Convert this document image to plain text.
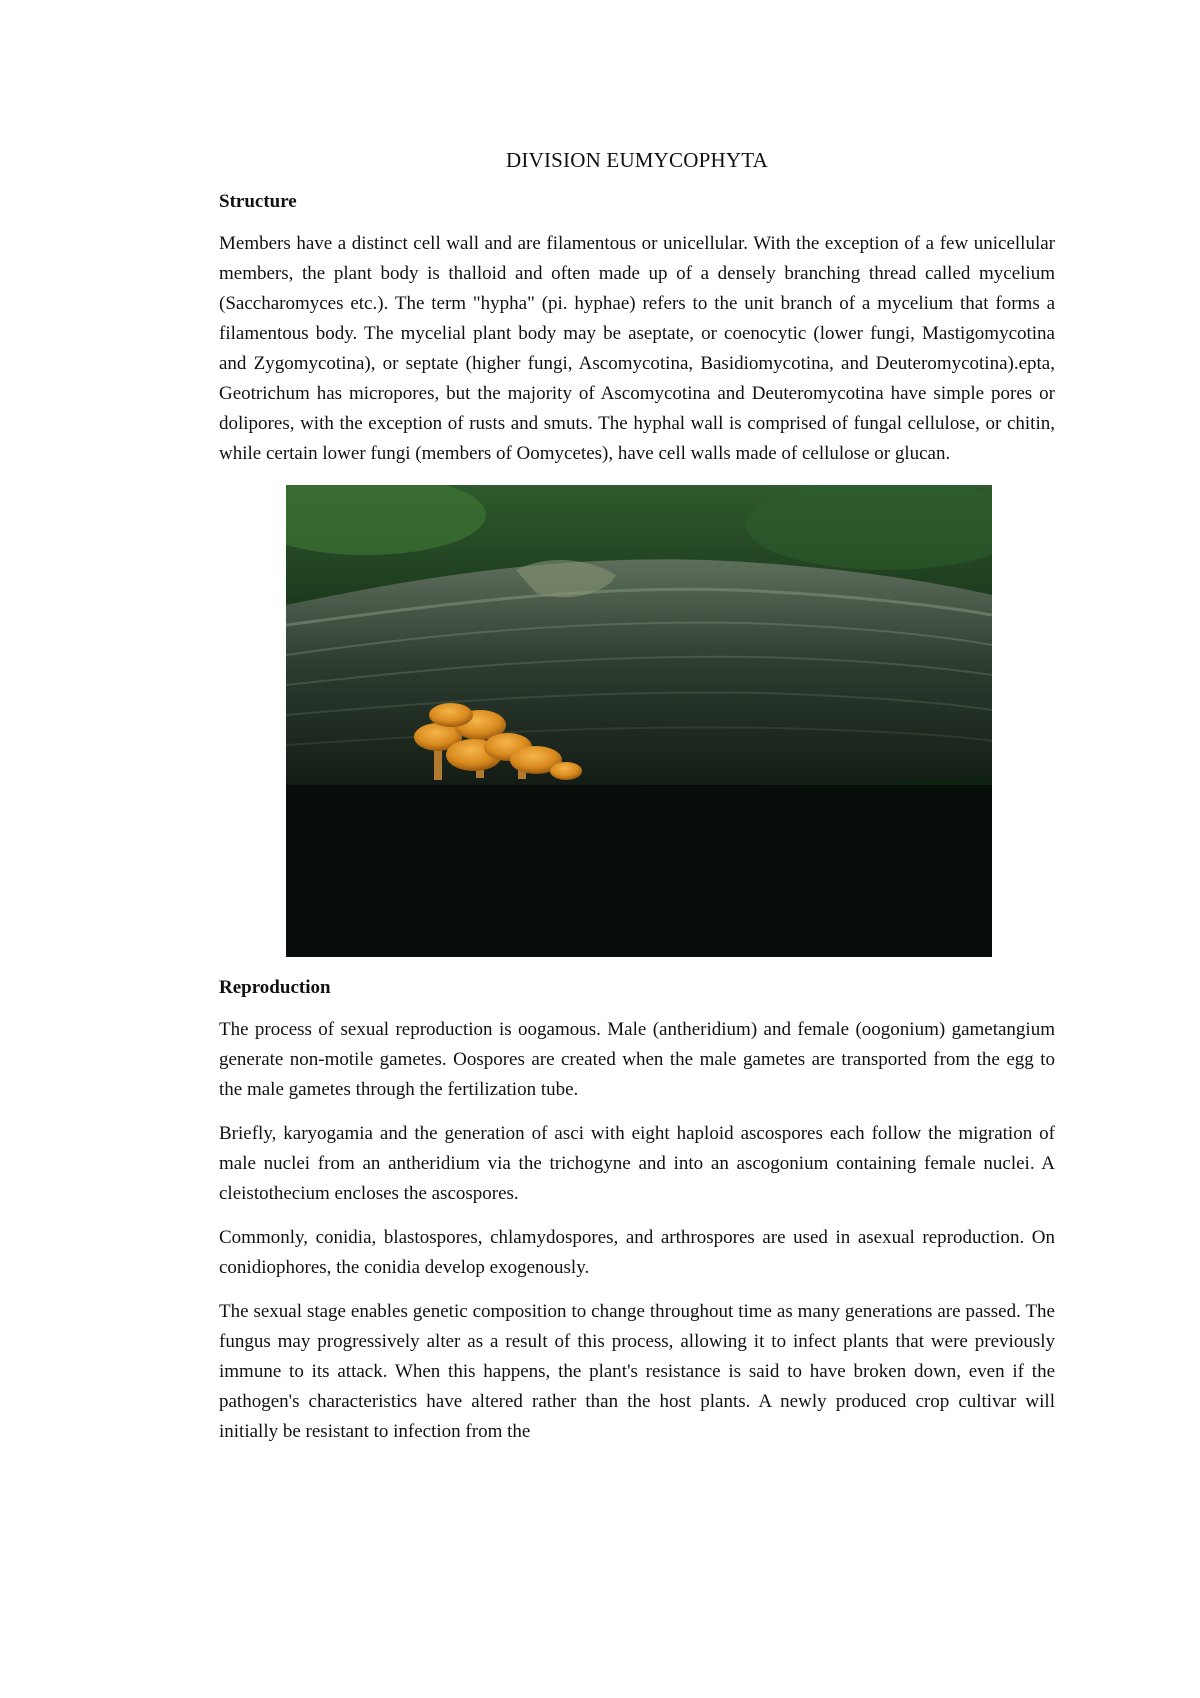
DIVISION EUMYCOPHYTA
Structure
Members have a distinct cell wall and are filamentous or unicellular. With the exception of a few unicellular members, the plant body is thalloid and often made up of a densely branching thread called mycelium (Saccharomyces etc.). The term "hypha" (pi. hyphae) refers to the unit branch of a mycelium that forms a filamentous body. The mycelial plant body may be aseptate, or coenocytic (lower fungi, Mastigomycotina and Zygomycotina), or septate (higher fungi, Ascomycotina, Basidiomycotina, and Deuteromycotina).epta, Geotrichum has micropores, but the majority of Ascomycotina and Deuteromycotina have simple pores or dolipores, with the exception of rusts and smuts. The hyphal wall is comprised of fungal cellulose, or chitin, while certain lower fungi (members of Oomycetes), have cell walls made of cellulose or glucan.
Reproduction
The process of sexual reproduction is oogamous. Male (antheridium) and female (oogonium) gametangium generate non-motile gametes. Oospores are created when the male gametes are transported from the egg to the male gametes through the fertilization tube.
Briefly, karyogamia and the generation of asci with eight haploid ascospores each follow the migration of male nuclei from an antheridium via the trichogyne and into an ascogonium containing female nuclei. A cleistothecium encloses the ascospores.
Commonly, conidia, blastospores, chlamydospores, and arthrospores are used in asexual reproduction. On conidiophores, the conidia develop exogenously.
The sexual stage enables genetic composition to change throughout time as many generations are passed. The fungus may progressively alter as a result of this process, allowing it to infect plants that were previously immune to its attack. When this happens, the plant's resistance is said to have broken down, even if the pathogen's characteristics have altered rather than the host plants. A newly produced crop cultivar will initially be resistant to infection from the
